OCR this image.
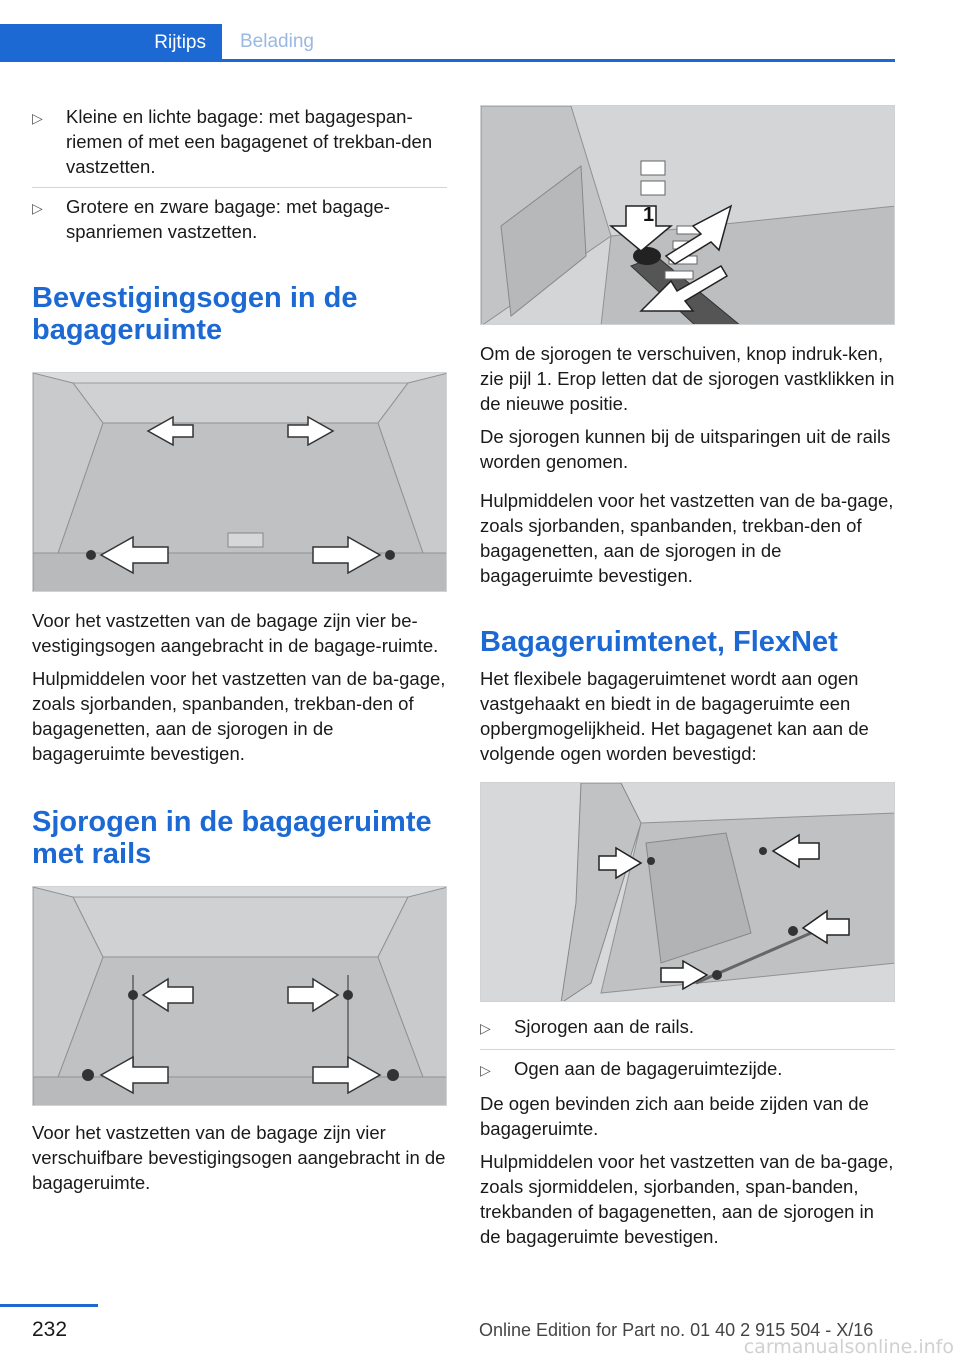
Rijtips	Belading
▷	Kleine en lichte bagage: met bagagespan-riemen of met een bagagenet of trekban-den vastzetten.
▷	Grotere en zware bagage: met bagage-spanriemen vastzetten.
Bevestigingsogen in de bagageruimte

Voor het vastzetten van de bagage zijn vier be-vestigingsogen aangebracht in de bagage-ruimte.

Hulpmiddelen voor het vastzetten van de ba-gage, zoals sjorbanden, spanbanden, trekban-den of bagagenetten, aan de sjorogen in de bagageruimte bevestigen.

Sjorogen in de bagageruimte met rails

Voor het vastzetten van de bagage zijn vier verschuifbare bevestigingsogen aangebracht in de bagageruimte.

1

Om de sjorogen te verschuiven, knop indruk-ken, zie pijl 1. Erop letten dat de sjorogen vastklikken in de nieuwe positie.

De sjorogen kunnen bij de uitsparingen uit de rails worden genomen.

Hulpmiddelen voor het vastzetten van de ba-gage, zoals sjorbanden, spanbanden, trekban-den of bagagenetten, aan de sjorogen in de bagageruimte bevestigen.

Bagageruimtenet, FlexNet

Het flexibele bagageruimtenet wordt aan ogen vastgehaakt en biedt in de bagageruimte een opbergmogelijkheid. Het bagagenet kan aan de volgende ogen worden bevestigd:

▷	Sjorogen aan de rails.
▷	Ogen aan de bagageruimtezijde.

De ogen bevinden zich aan beide zijden van de bagageruimte.

Hulpmiddelen voor het vastzetten van de ba-gage, zoals sjormiddelen, sjorbanden, span-banden, trekbanden of bagagenetten, aan de sjorogen in de bagageruimte bevestigen.

232	Online Edition for Part no. 01 40 2 915 504 - X/16
carmanualsonline.info
